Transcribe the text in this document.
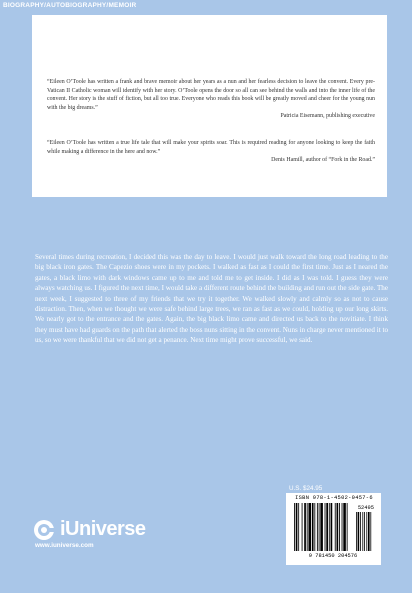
BIOGRAPHY/AUTOBIOGRAPHY/MEMOIR
“Eileen O’Toole has written a frank and brave memoir about her years as a nun and her fearless decision to leave the convent. Every pre-Vatican II Catholic woman will identify with her story. O’Toole opens the door so all can see behind the walls and into the inner life of the convent. Her story is the stuff of fiction, but all too true. Everyone who reads this book will be greatly moved and cheer for the young nun with the big dreams.”
Patricia Eisemann, publishing executive
“Eileen O’Toole has written a true life tale that will make your spirits soar. This is required reading for anyone looking to keep the faith while making a difference in the here and now.”
Denis Hamill, author of “Fork in the Road.”

Several times during recreation, I decided this was the day to leave. I would just walk toward the long road leading to the big black iron gates. The Capezio shoes were in my pockets. I walked as fast as I could the first time. Just as I neared the gates, a black limo with dark windows came up to me and told me to get inside. I did as I was told. I guess they were always watching us. I figured the next time, I would take a different route behind the building and run out the side gate. The next week, I suggested to three of my friends that we try it together. We walked slowly and calmly so as not to cause distraction. Then, when we thought we were safe behind large trees, we ran as fast as we could, holding up our long skirts. We nearly got to the entrance and the gates. Again, the big black limo came and directed us back to the novitiate. I think they must have had guards on the path that alerted the boss nuns sitting in the convent. Nuns in charge never mentioned it to us, so we were thankful that we did not get a penance. Next time might prove successful, we said.

U.S. $24.95
ISBN 978-1-4502-0457-6
52495
9 781450 204576
iUniverse
www.iuniverse.com
